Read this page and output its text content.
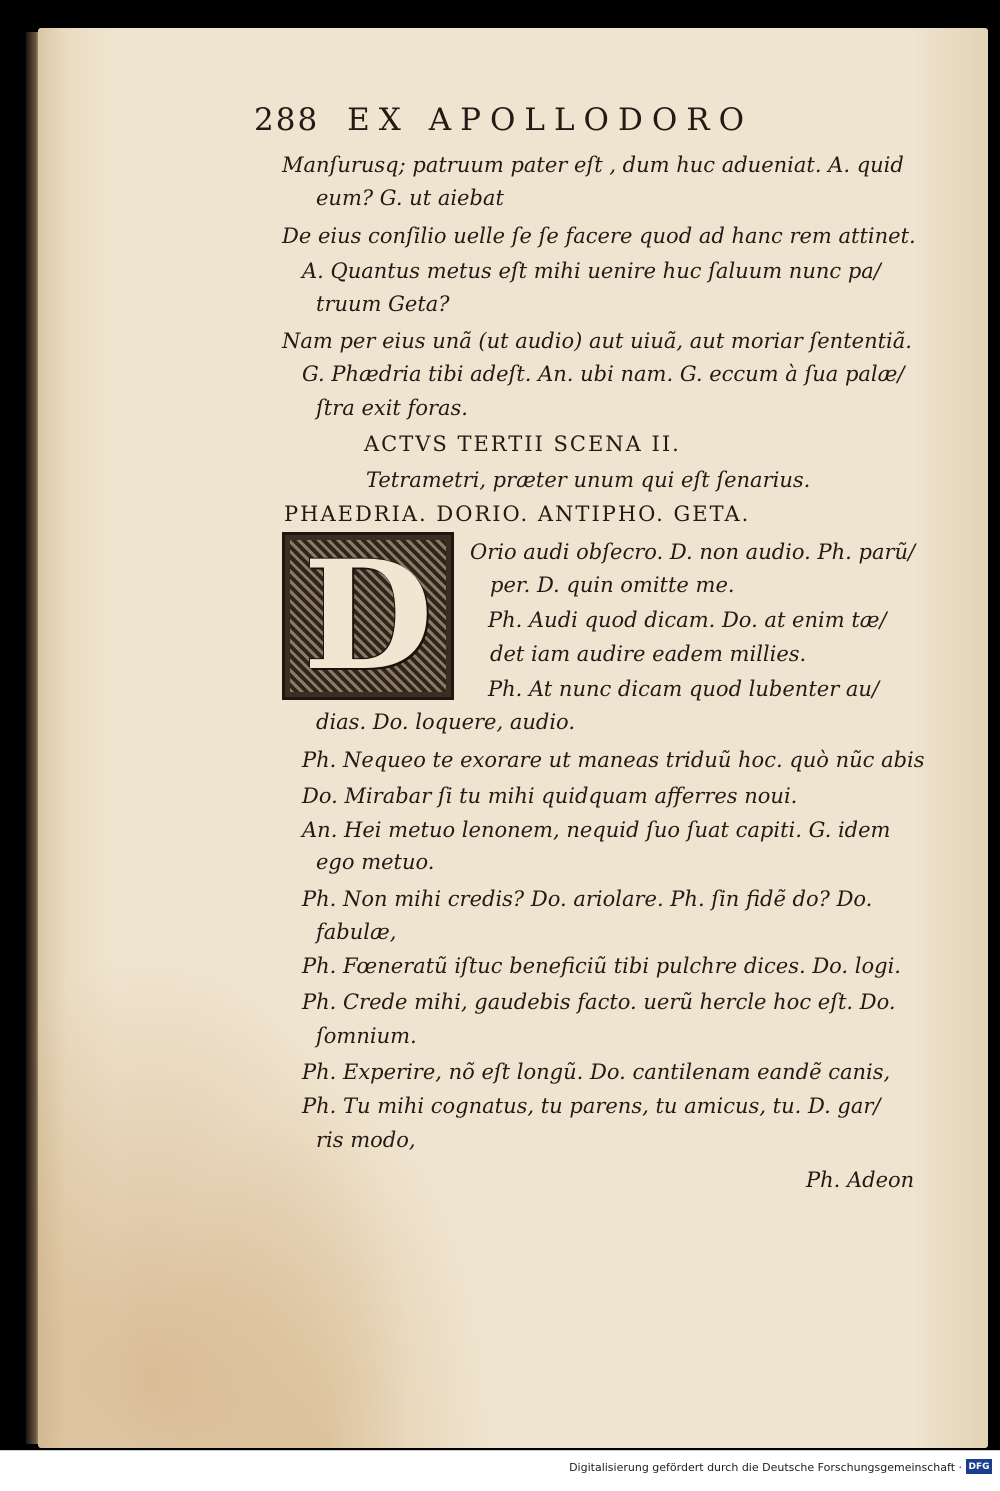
288 EX APOLLODORO
D
Manſurusq; patruum pater eſt , dum huc adueniat. A. quid
eum? G. ut aiebat
De eius conſilio uelle ſe ſe facere quod ad hanc rem attinet.
A. Quantus metus eſt mihi uenire huc ſaluum nunc pa/
truum Geta?
Nam per eius unã (ut audio) aut uiuã, aut moriar ſententiã.
G. Phædria tibi adeſt. An. ubi nam. G. eccum à ſua palæ/
ſtra exit foras.
ACTVS TERTII SCENA II.
Tetrametri, præter unum qui eſt ſenarius.
PHAEDRIA. DORIO. ANTIPHO. GETA.
Orio audi obſecro. D. non audio. Ph. parũ/
per. D. quin omitte me.
Ph. Audi quod dicam. Do. at enim tæ/
det iam audire eadem millies.
Ph. At nunc dicam quod lubenter au/
dias. Do. loquere, audio.
Ph. Nequeo te exorare ut maneas triduũ hoc. quò nũc abis
Do. Mirabar ſi tu mihi quidquam afferres noui.
An. Hei metuo lenonem, nequid ſuo ſuat capiti. G. idem
ego metuo.
Ph. Non mihi credis? Do. ariolare. Ph. ſin fidẽ do? Do.
fabulæ,
Ph. Fœneratũ iſtuc beneficiũ tibi pulchre dices. Do. logi.
Ph. Crede mihi, gaudebis facto. uerũ hercle hoc eſt. Do.
ſomnium.
Ph. Experire, nõ eſt longũ. Do. cantilenam eandẽ canis,
Ph. Tu mihi cognatus, tu parens, tu amicus, tu. D. gar/
ris modo,
Ph. Adeon
Digitalisierung gefördert durch die Deutsche Forschungsgemeinschaft · DFG
